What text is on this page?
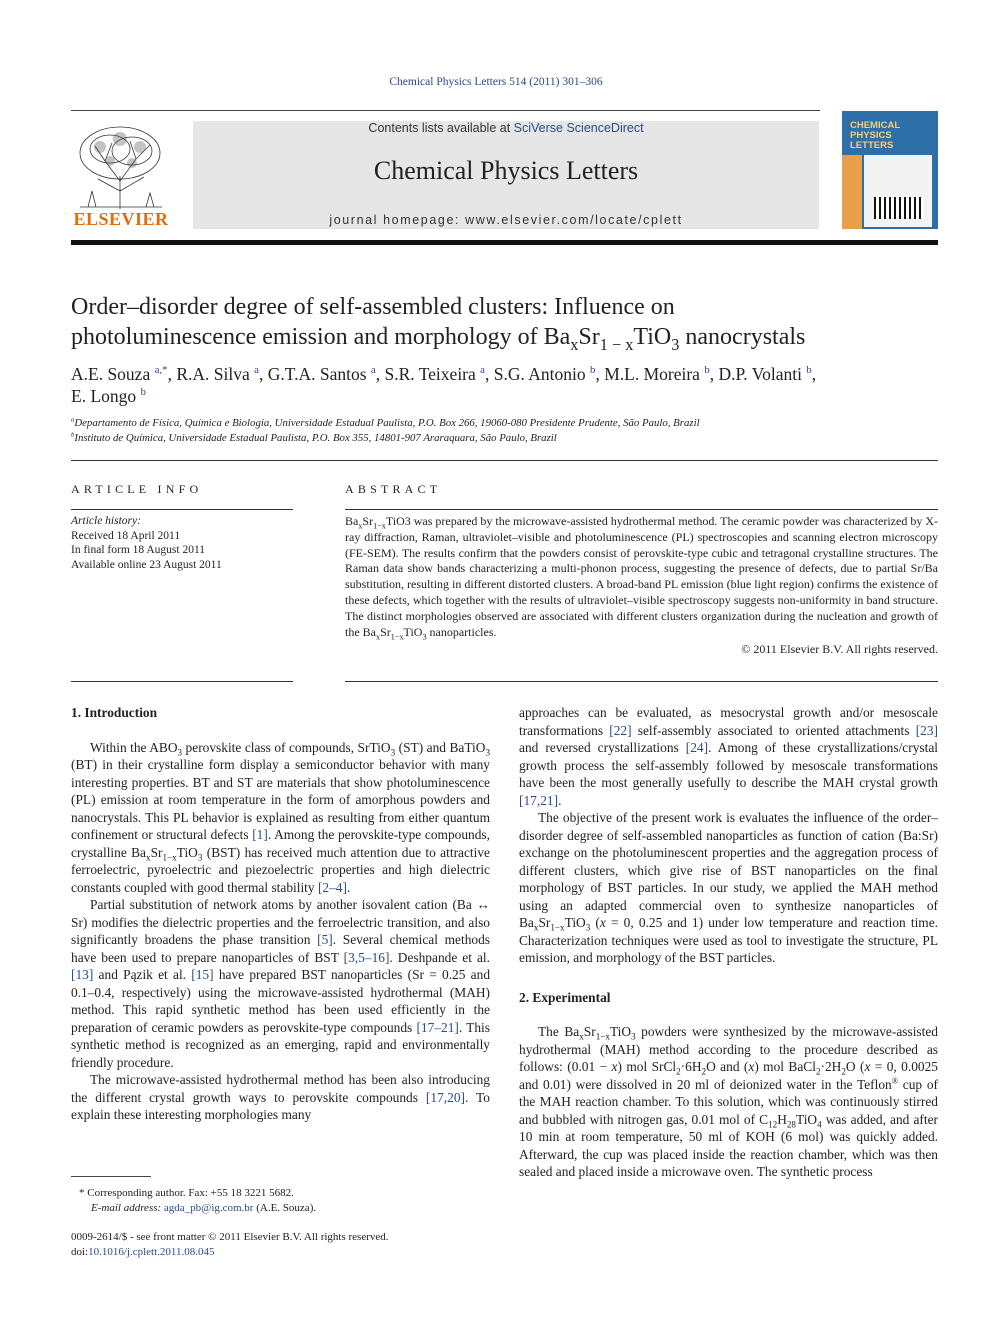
Chemical Physics Letters 514 (2011) 301–306
ELSEVIER
Contents lists available at SciVerse ScienceDirect
Chemical Physics Letters
journal homepage: www.elsevier.com/locate/cplett
CHEMICAL PHYSICS LETTERS
Order–disorder degree of self-assembled clusters: Influence on
photoluminescence emission and morphology of $Ba_xSr_{1 - x}TiO_3$ nanocrystals
A.E. Souza $^{a,*}$, R.A. Silva $^a$, G.T.A. Santos $^a$, S.R. Teixeira $^a$, S.G. Antonio $^b$, M.L. Moreira $^b$, D.P. Volanti $^b$,
E. Longo $^b$
$^a$Departamento de Física, Química e Biologia, Universidade Estadual Paulista, P.O. Box 266, 19060-080 Presidente Prudente, São Paulo, Brazil
$^b$Instituto de Química, Universidade Estadual Paulista, P.O. Box 355, 14801-907 Araraquara, São Paulo, Brazil
ARTICLE INFO
Article history:
Received 18 April 2011
In final form 18 August 2011
Available online 23 August 2011
ABSTRACT
$Ba_xSr_{1-x}TiO3$ was prepared by the microwave-assisted hydrothermal method. The ceramic powder was characterized by X-ray diffraction, Raman, ultraviolet–visible and photoluminescence (PL) spectroscopies and scanning electron microscopy (FE-SEM). The results confirm that the powders consist of perovskite-type cubic and tetragonal crystalline structures. The Raman data show bands characterizing a multi-phonon process, suggesting the presence of defects, due to partial Sr/Ba substitution, resulting in different distorted clusters. A broad-band PL emission (blue light region) confirms the existence of these defects, which together with the results of ultraviolet–visible spectroscopy suggests non-uniformity in band structure. The distinct morphologies observed are associated with different clusters organization during the nucleation and growth of the $Ba_xSr_{1-x}TiO_3$ nanoparticles.
© 2011 Elsevier B.V. All rights reserved.
1. Introduction

Within the $ABO_3$ perovskite class of compounds, SrTiO$_3$ (ST) and BaTiO$_3$ (BT) in their crystalline form display a semiconductor behavior with many interesting properties. BT and ST are materials that show photoluminescence (PL) emission at room temperature in the form of amorphous powders and nanocrystals. This PL behavior is explained as resulting from either quantum confinement or structural defects [1]. Among the perovskite-type compounds, crystalline $Ba_xSr_{1-x}TiO_3$ (BST) has received much attention due to attractive ferroelectric, pyroelectric and piezoelectric properties and high dielectric constants coupled with good thermal stability [2–4].

Partial substitution of network atoms by another isovalent cation (Ba ↔ Sr) modifies the dielectric properties and the ferroelectric transition, and also significantly broadens the phase transition [5]. Several chemical methods have been used to prepare nanoparticles of BST [3,5–16]. Deshpande et al. [13] and Pązik et al. [15] have prepared BST nanoparticles (Sr = 0.25 and 0.1–0.4, respectively) using the microwave-assisted hydrothermal (MAH) method. This rapid synthetic method has been used efficiently in the preparation of ceramic powders as perovskite-type compounds [17–21]. This synthetic method is recognized as an emerging, rapid and environmentally friendly procedure.

The microwave-assisted hydrothermal method has been also introducing the different crystal growth ways to perovskite compounds [17,20]. To explain these interesting morphologies many

approaches can be evaluated, as mesocrystal growth and/or mesoscale transformations [22] self-assembly associated to oriented attachments [23] and reversed crystallizations [24]. Among of these crystallizations/crystal growth process the self-assembly followed by mesoscale transformations have been the most generally usefully to describe the MAH crystal growth [17,21].

The objective of the present work is evaluates the influence of the order–disorder degree of self-assembled nanoparticles as function of cation (Ba:Sr) exchange on the photoluminescent properties and the aggregation process of different clusters, which give rise of BST nanoparticles on the final morphology of BST particles. In our study, we applied the MAH method using an adapted commercial oven to synthesize nanoparticles of $Ba_xSr_{1-x}TiO_3$ (x = 0, 0.25 and 1) under low temperature and reaction time. Characterization techniques were used as tool to investigate the structure, PL emission, and morphology of the BST particles.

2. Experimental

The $Ba_xSr_{1-x}TiO_3$ powders were synthesized by the microwave-assisted hydrothermal (MAH) method according to the procedure described as follows: (0.01 − x) mol $SrCl_2\cdot 6H_2O$ and (x) mol $BaCl_2\cdot 2H_2O$ (x = 0, 0.0025 and 0.01) were dissolved in 20 ml of deionized water in the Teflon® cup of the MAH reaction chamber. To this solution, which was continuously stirred and bubbled with nitrogen gas, 0.01 mol of $C_{12}H_{28}TiO_4$ was added, and after 10 min at room temperature, 50 ml of KOH (6 mol) was quickly added. Afterward, the cup was placed inside the reaction chamber, which was then sealed and placed inside a microwave oven. The synthetic process

* Corresponding author. Fax: +55 18 3221 5682.
E-mail address: agda_pb@ig.com.br (A.E. Souza).
0009-2614/$ - see front matter © 2011 Elsevier B.V. All rights reserved.
doi:10.1016/j.cplett.2011.08.045
